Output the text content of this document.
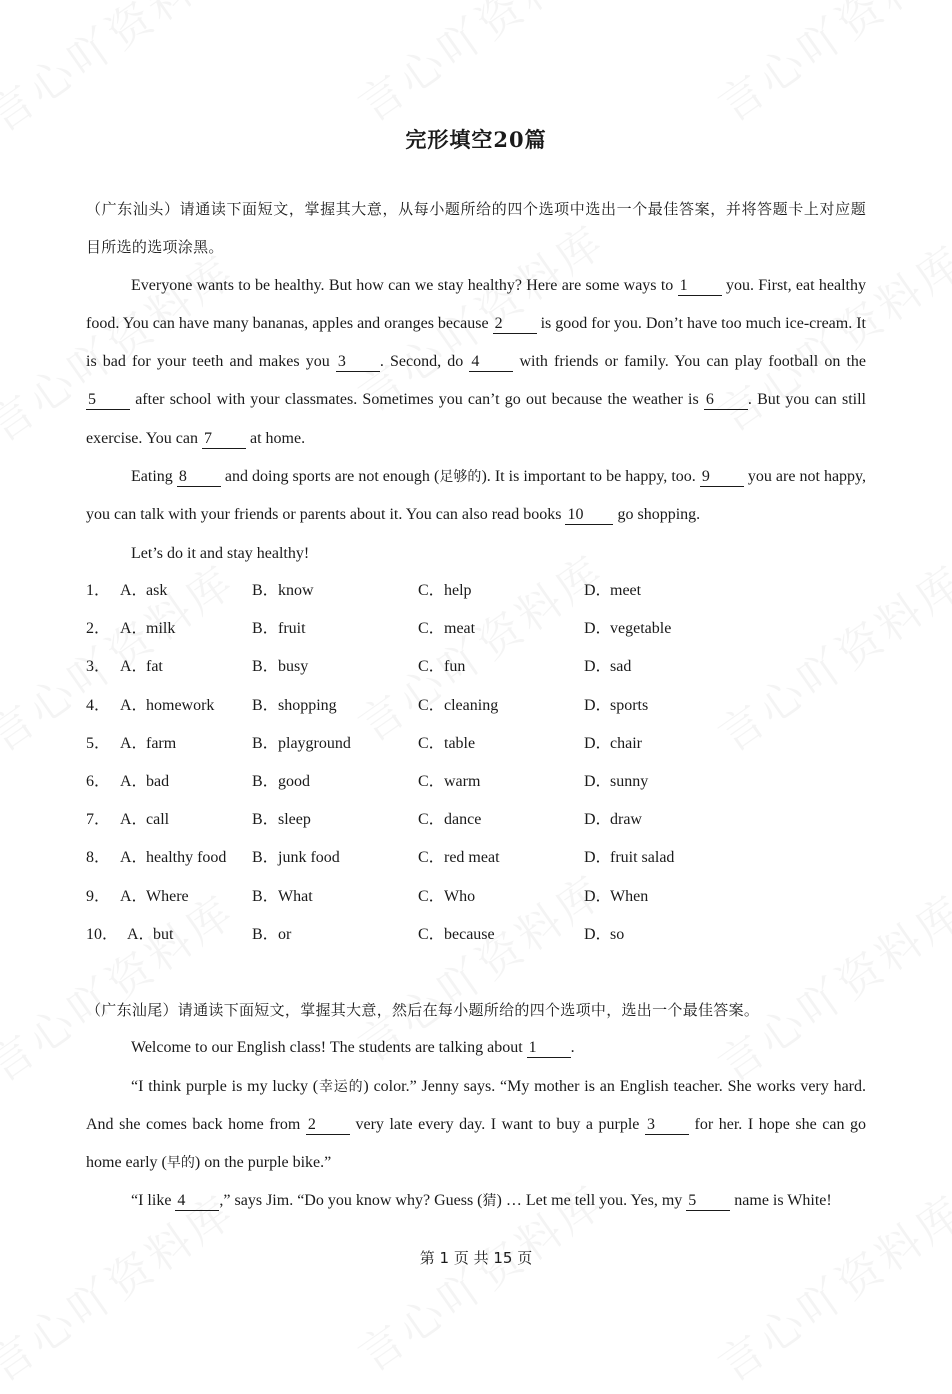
完形填空20篇
（广东汕头）请通读下面短文，掌握其大意，从每小题所给的四个选项中选出一个最佳答案，并将答题卡上对应题目所选的选项涂黑。

Everyone wants to be healthy. But how can we stay healthy? Here are some ways to 1 you. First, eat healthy food. You can have many bananas, apples and oranges because 2 is good for you. Don’t have too much ice-cream. It is bad for your teeth and makes you 3 . Second, do 4 with friends or family. You can play football on the 5 after school with your classmates. Sometimes you can’t go out because the weather is 6 . But you can still exercise. You can 7 at home.

Eating 8 and doing sports are not enough (足够的). It is important to be happy, too. 9 you are not happy, you can talk with your friends or parents about it. You can also read books 10 go shopping.

Let’s do it and stay healthy!

1． A．ask	B．know	C．help	D．meet
2． A．milk	B．fruit	C．meat	D．vegetable
3． A．fat	B．busy	C．fun	D．sad
4． A．homework B．shopping	C．cleaning	D．sports
5． A．farm	B．playground	C．table	D．chair
6． A．bad	B．good	C．warm	D．sunny
7． A．call	B．sleep	C．dance	D．draw
8． A．healthy food B．junk food	C．red meat	D．fruit salad
9． A．Where	B．What	C．Who	D．When
10． A．but	B．or	C．because	D．so
（广东汕尾）请通读下面短文，掌握其大意，然后在每小题所给的四个选项中，选出一个最佳答案。

Welcome to our English class! The students are talking about 1 .

“I think purple is my lucky (幸运的) color.” Jenny says. “My mother is an English teacher. She works very hard. And she comes back home from 2 very late every day. I want to buy a purple 3 for her. I hope she can go home early (早的) on the purple bike.”

“I like 4 ,” says Jim. “Do you know why? Guess (猜) … Let me tell you. Yes, my 5 name is White!

第 1 页 共 15 页
